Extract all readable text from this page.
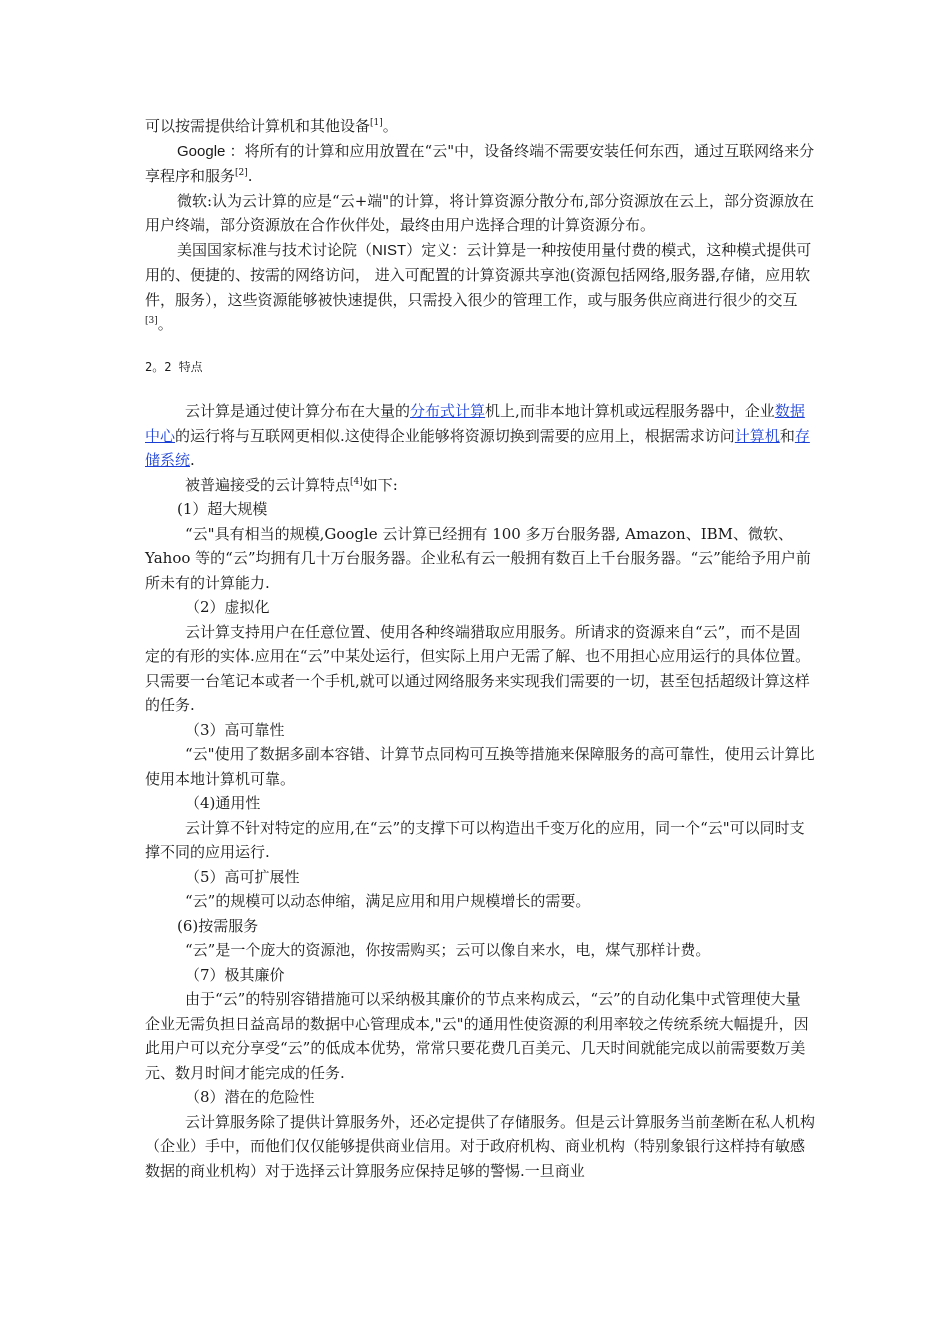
可以按需提供给计算机和其他设备[1]。

Google ：将所有的计算和应用放置在“云"中，设备终端不需要安装任何东西，通过互联网络来分享程序和服务[2].

微软:认为云计算的应是“云+端"的计算，将计算资源分散分布,部分资源放在云上，部分资源放在用户终端，部分资源放在合作伙伴处，最终由用户选择合理的计算资源分布。

美国国家标准与技术讨论院（NIST）定义：云计算是一种按使用量付费的模式，这种模式提供可用的、便捷的、按需的网络访问， 进入可配置的计算资源共享池(资源包括网络,服务器,存储，应用软件，服务），这些资源能够被快速提供，只需投入很少的管理工作，或与服务供应商进行很少的交互[3]。

2。2 特点

云计算是通过使计算分布在大量的分布式计算机上,而非本地计算机或远程服务器中，企业数据中心的运行将与互联网更相似.这使得企业能够将资源切换到需要的应用上，根据需求访问计算机和存储系统.

被普遍接受的云计算特点[4]如下:

(1）超大规模

“云"具有相当的规模,Google 云计算已经拥有 100 多万台服务器, Amazon、IBM、微软、Yahoo 等的“云”均拥有几十万台服务器。企业私有云一般拥有数百上千台服务器。“云”能给予用户前所未有的计算能力.

（2）虚拟化

云计算支持用户在任意位置、使用各种终端猎取应用服务。所请求的资源来自“云”，而不是固定的有形的实体.应用在“云”中某处运行，但实际上用户无需了解、也不用担心应用运行的具体位置。只需要一台笔记本或者一个手机,就可以通过网络服务来实现我们需要的一切，甚至包括超级计算这样的任务.

（3）高可靠性

“云"使用了数据多副本容错、计算节点同构可互换等措施来保障服务的高可靠性，使用云计算比使用本地计算机可靠。

（4)通用性

云计算不针对特定的应用,在“云”的支撑下可以构造出千变万化的应用，同一个“云"可以同时支撑不同的应用运行.

（5）高可扩展性

“云”的规模可以动态伸缩，满足应用和用户规模增长的需要。

(6)按需服务

“云”是一个庞大的资源池，你按需购买；云可以像自来水，电，煤气那样计费。

（7）极其廉价

由于“云”的特别容错措施可以采纳极其廉价的节点来构成云，“云”的自动化集中式管理使大量企业无需负担日益高昂的数据中心管理成本,"云"的通用性使资源的利用率较之传统系统大幅提升，因此用户可以充分享受“云”的低成本优势，常常只要花费几百美元、几天时间就能完成以前需要数万美元、数月时间才能完成的任务.

（8）潜在的危险性

云计算服务除了提供计算服务外，还必定提供了存储服务。但是云计算服务当前垄断在私人机构（企业）手中，而他们仅仅能够提供商业信用。对于政府机构、商业机构（特别象银行这样持有敏感数据的商业机构）对于选择云计算服务应保持足够的警惕.一旦商业
